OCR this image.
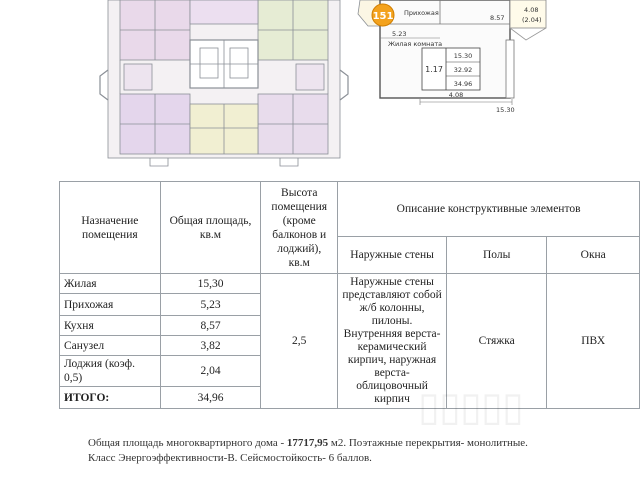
151 Прихожая
8.57
5.23
4.08
(2.04)
Жилая комната
1.17
15.30
32.92
34.96
4.08
15.30
Назначение помещения	Общая площадь, кв.м	Высота помещения (кроме балконов и лоджий), кв.м	Описание конструктивные элементов		
			Наружные стены	Полы	Окна
Жилая	15,30	2,5	Наружные стены представляют собой ж/б колонны, пилоны. Внутренняя верста- керамический кирпич, наружная верста- облицовочный кирпич	Стяжка	ПВХ
Прихожая	5,23				
Кухня	8,57				
Санузел	3,82				
Лоджия (коэф. 0,5)	2,04				
ИТОГО:	34,96					▯▯▯▯▯
Общая площадь многоквартирного дома - 17717,95 м2. Поэтажные перекрытия- монолитные.
Класс Энергоэффективности-В. Сейсмостойкость- 6 баллов.
